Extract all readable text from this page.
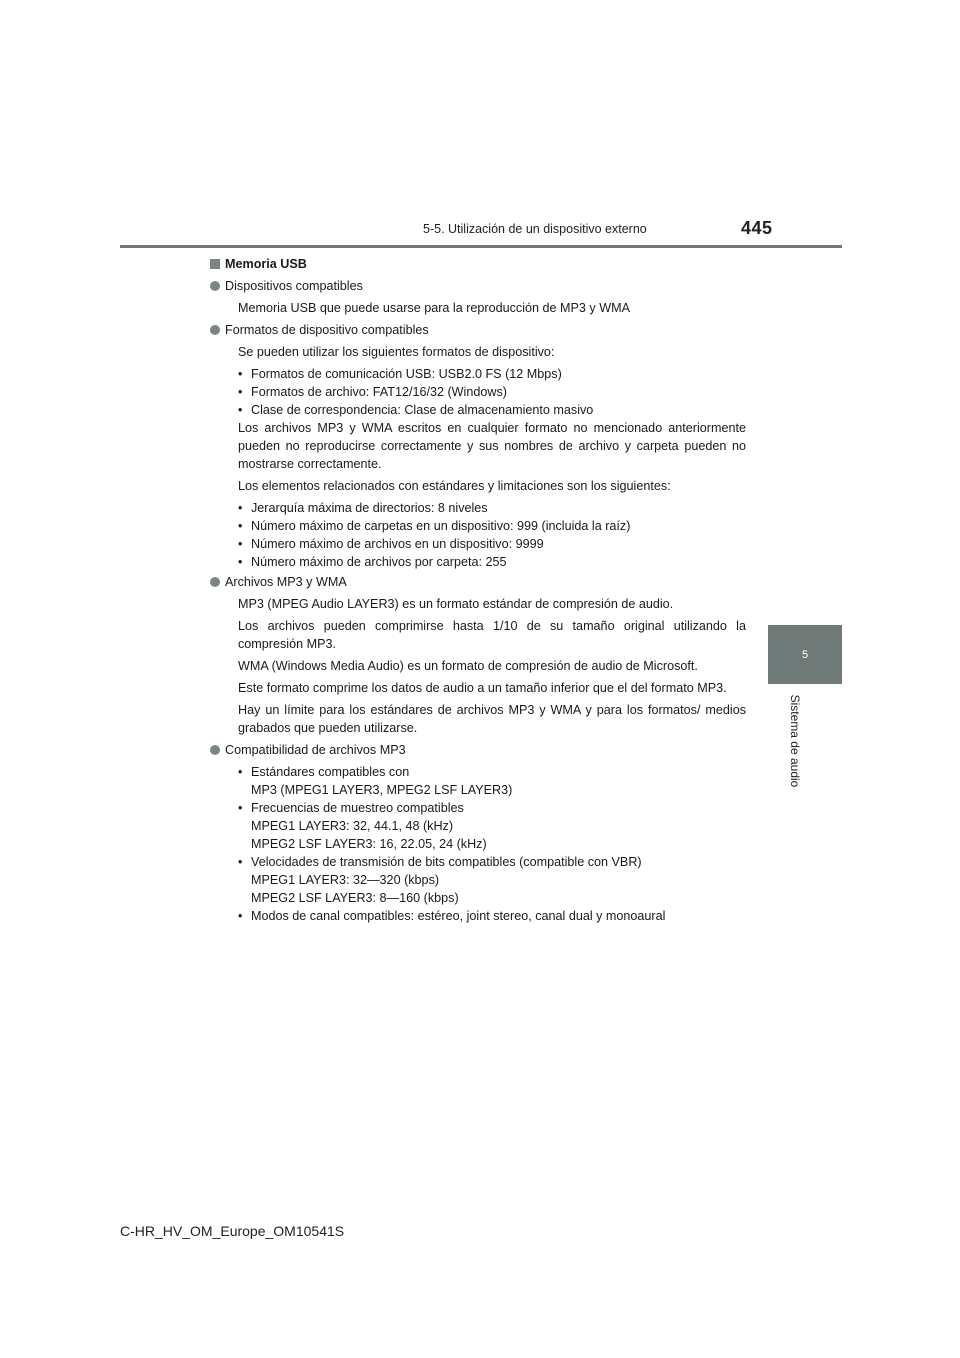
5-5. Utilización de un dispositivo externo	445
5
Sistema de audio
Memoria USB
Dispositivos compatibles
Memoria USB que puede usarse para la reproducción de MP3 y WMA
Formatos de dispositivo compatibles
Se pueden utilizar los siguientes formatos de dispositivo:
• Formatos de comunicación USB: USB2.0 FS (12 Mbps)
• Formatos de archivo: FAT12/16/32 (Windows)
• Clase de correspondencia: Clase de almacenamiento masivo
Los archivos MP3 y WMA escritos en cualquier formato no mencionado anteriormente pueden no reproducirse correctamente y sus nombres de archivo y carpeta pueden no mostrarse correctamente.
Los elementos relacionados con estándares y limitaciones son los siguientes:
• Jerarquía máxima de directorios: 8 niveles
• Número máximo de carpetas en un dispositivo: 999 (incluida la raíz)
• Número máximo de archivos en un dispositivo: 9999
• Número máximo de archivos por carpeta: 255
Archivos MP3 y WMA
MP3 (MPEG Audio LAYER3) es un formato estándar de compresión de audio.
Los archivos pueden comprimirse hasta 1/10 de su tamaño original utilizando la compresión MP3.
WMA (Windows Media Audio) es un formato de compresión de audio de Microsoft.
Este formato comprime los datos de audio a un tamaño inferior que el del formato MP3.
Hay un límite para los estándares de archivos MP3 y WMA y para los formatos/ medios grabados que pueden utilizarse.
Compatibilidad de archivos MP3
• Estándares compatibles con
MP3 (MPEG1 LAYER3, MPEG2 LSF LAYER3)
• Frecuencias de muestreo compatibles
MPEG1 LAYER3: 32, 44.1, 48 (kHz)
MPEG2 LSF LAYER3: 16, 22.05, 24 (kHz)
• Velocidades de transmisión de bits compatibles (compatible con VBR)
MPEG1 LAYER3: 32—320 (kbps)
MPEG2 LSF LAYER3: 8—160 (kbps)
• Modos de canal compatibles: estéreo, joint stereo, canal dual y monoaural
C-HR_HV_OM_Europe_OM10541S
